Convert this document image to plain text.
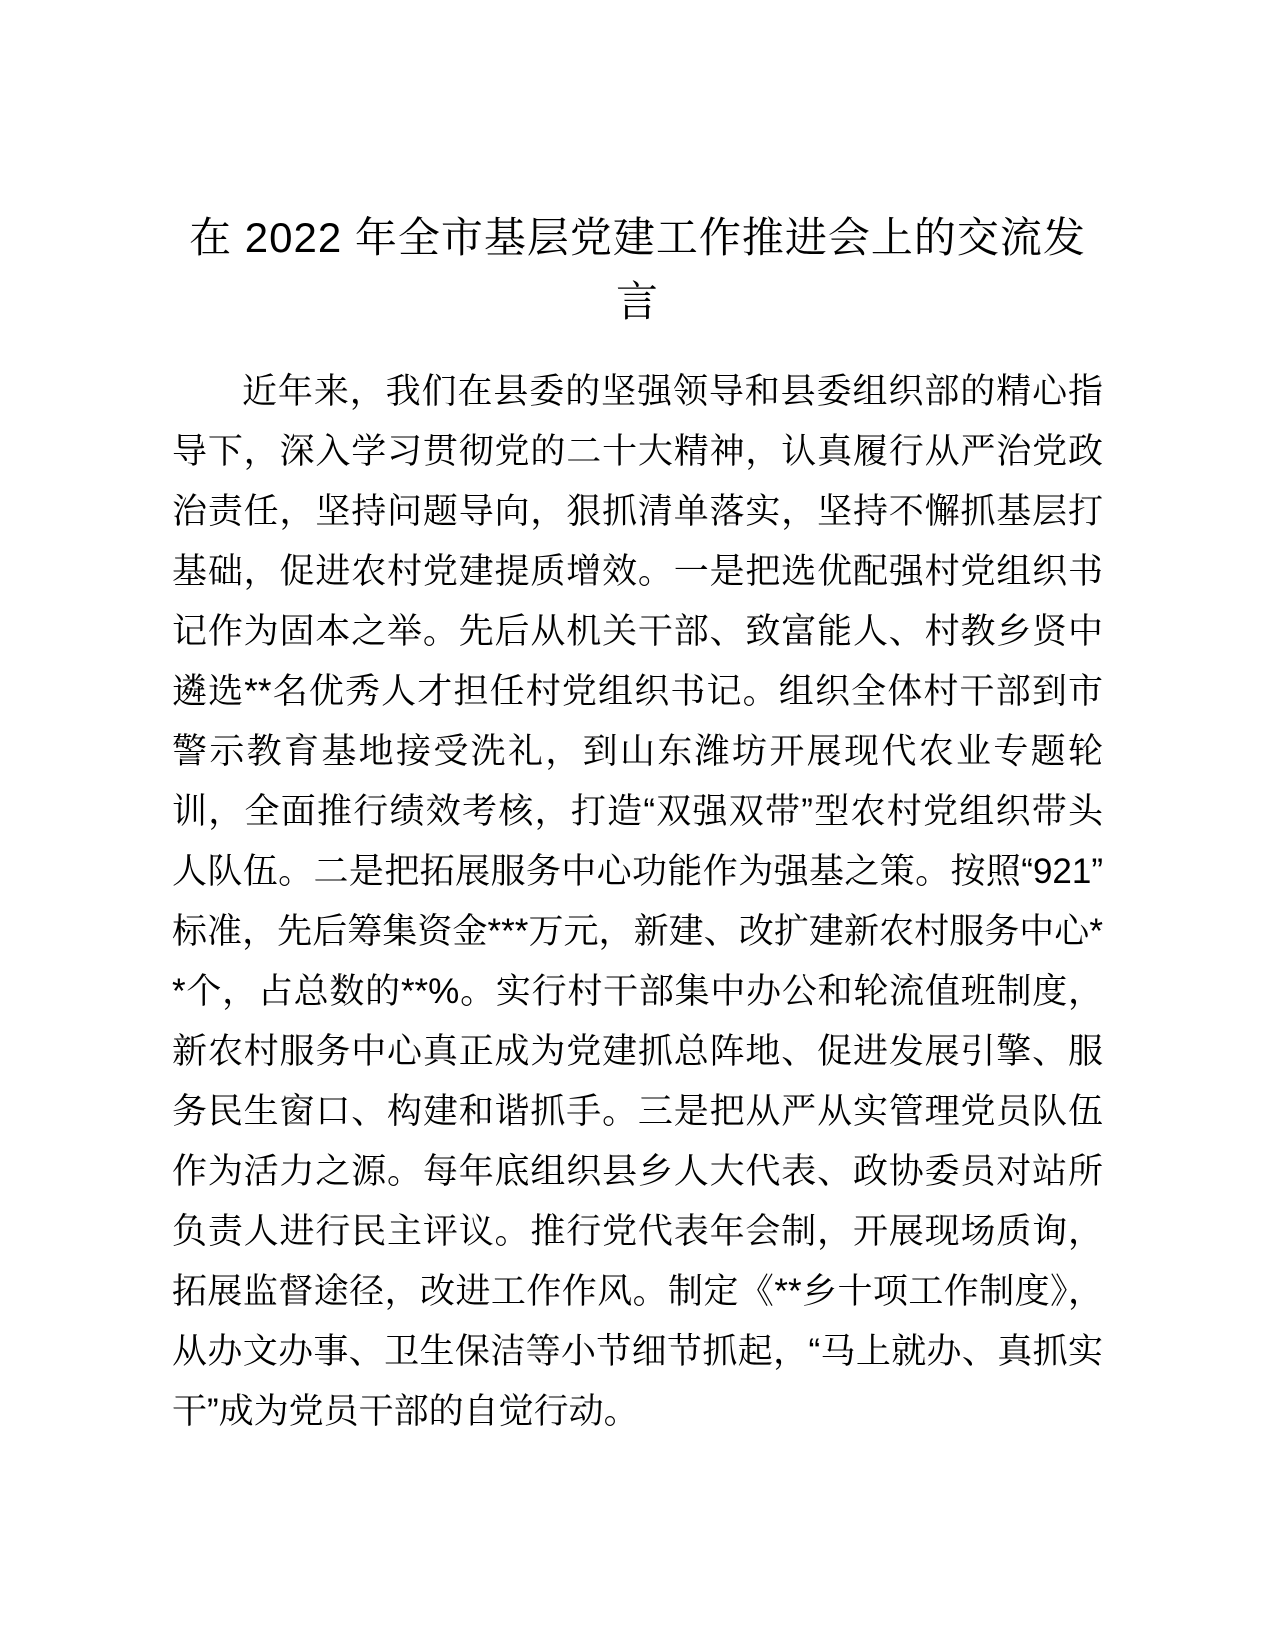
在 2022 年全市基层党建工作推进会上的交流发言

近年来，我们在县委的坚强领导和县委组织部的精心指导下，深入学习贯彻党的二十大精神，认真履行从严治党政治责任，坚持问题导向，狠抓清单落实，坚持不懈抓基层打基础，促进农村党建提质增效。一是把选优配强村党组织书记作为固本之举。先后从机关干部、致富能人、村教乡贤中遴选**名优秀人才担任村党组织书记。组织全体村干部到市警示教育基地接受洗礼，到山东潍坊开展现代农业专题轮训，全面推行绩效考核，打造“双强双带”型农村党组织带头人队伍。二是把拓展服务中心功能作为强基之策。按照“921”标准，先后筹集资金***万元，新建、改扩建新农村服务中心**个，占总数的**%。实行村干部集中办公和轮流值班制度，新农村服务中心真正成为党建抓总阵地、促进发展引擎、服务民生窗口、构建和谐抓手。三是把从严从实管理党员队伍作为活力之源。每年底组织县乡人大代表、政协委员对站所负责人进行民主评议。推行党代表年会制，开展现场质询，拓展监督途径，改进工作作风。制定《**乡十项工作制度》，从办文办事、卫生保洁等小节细节抓起，“马上就办、真抓实干”成为党员干部的自觉行动。
